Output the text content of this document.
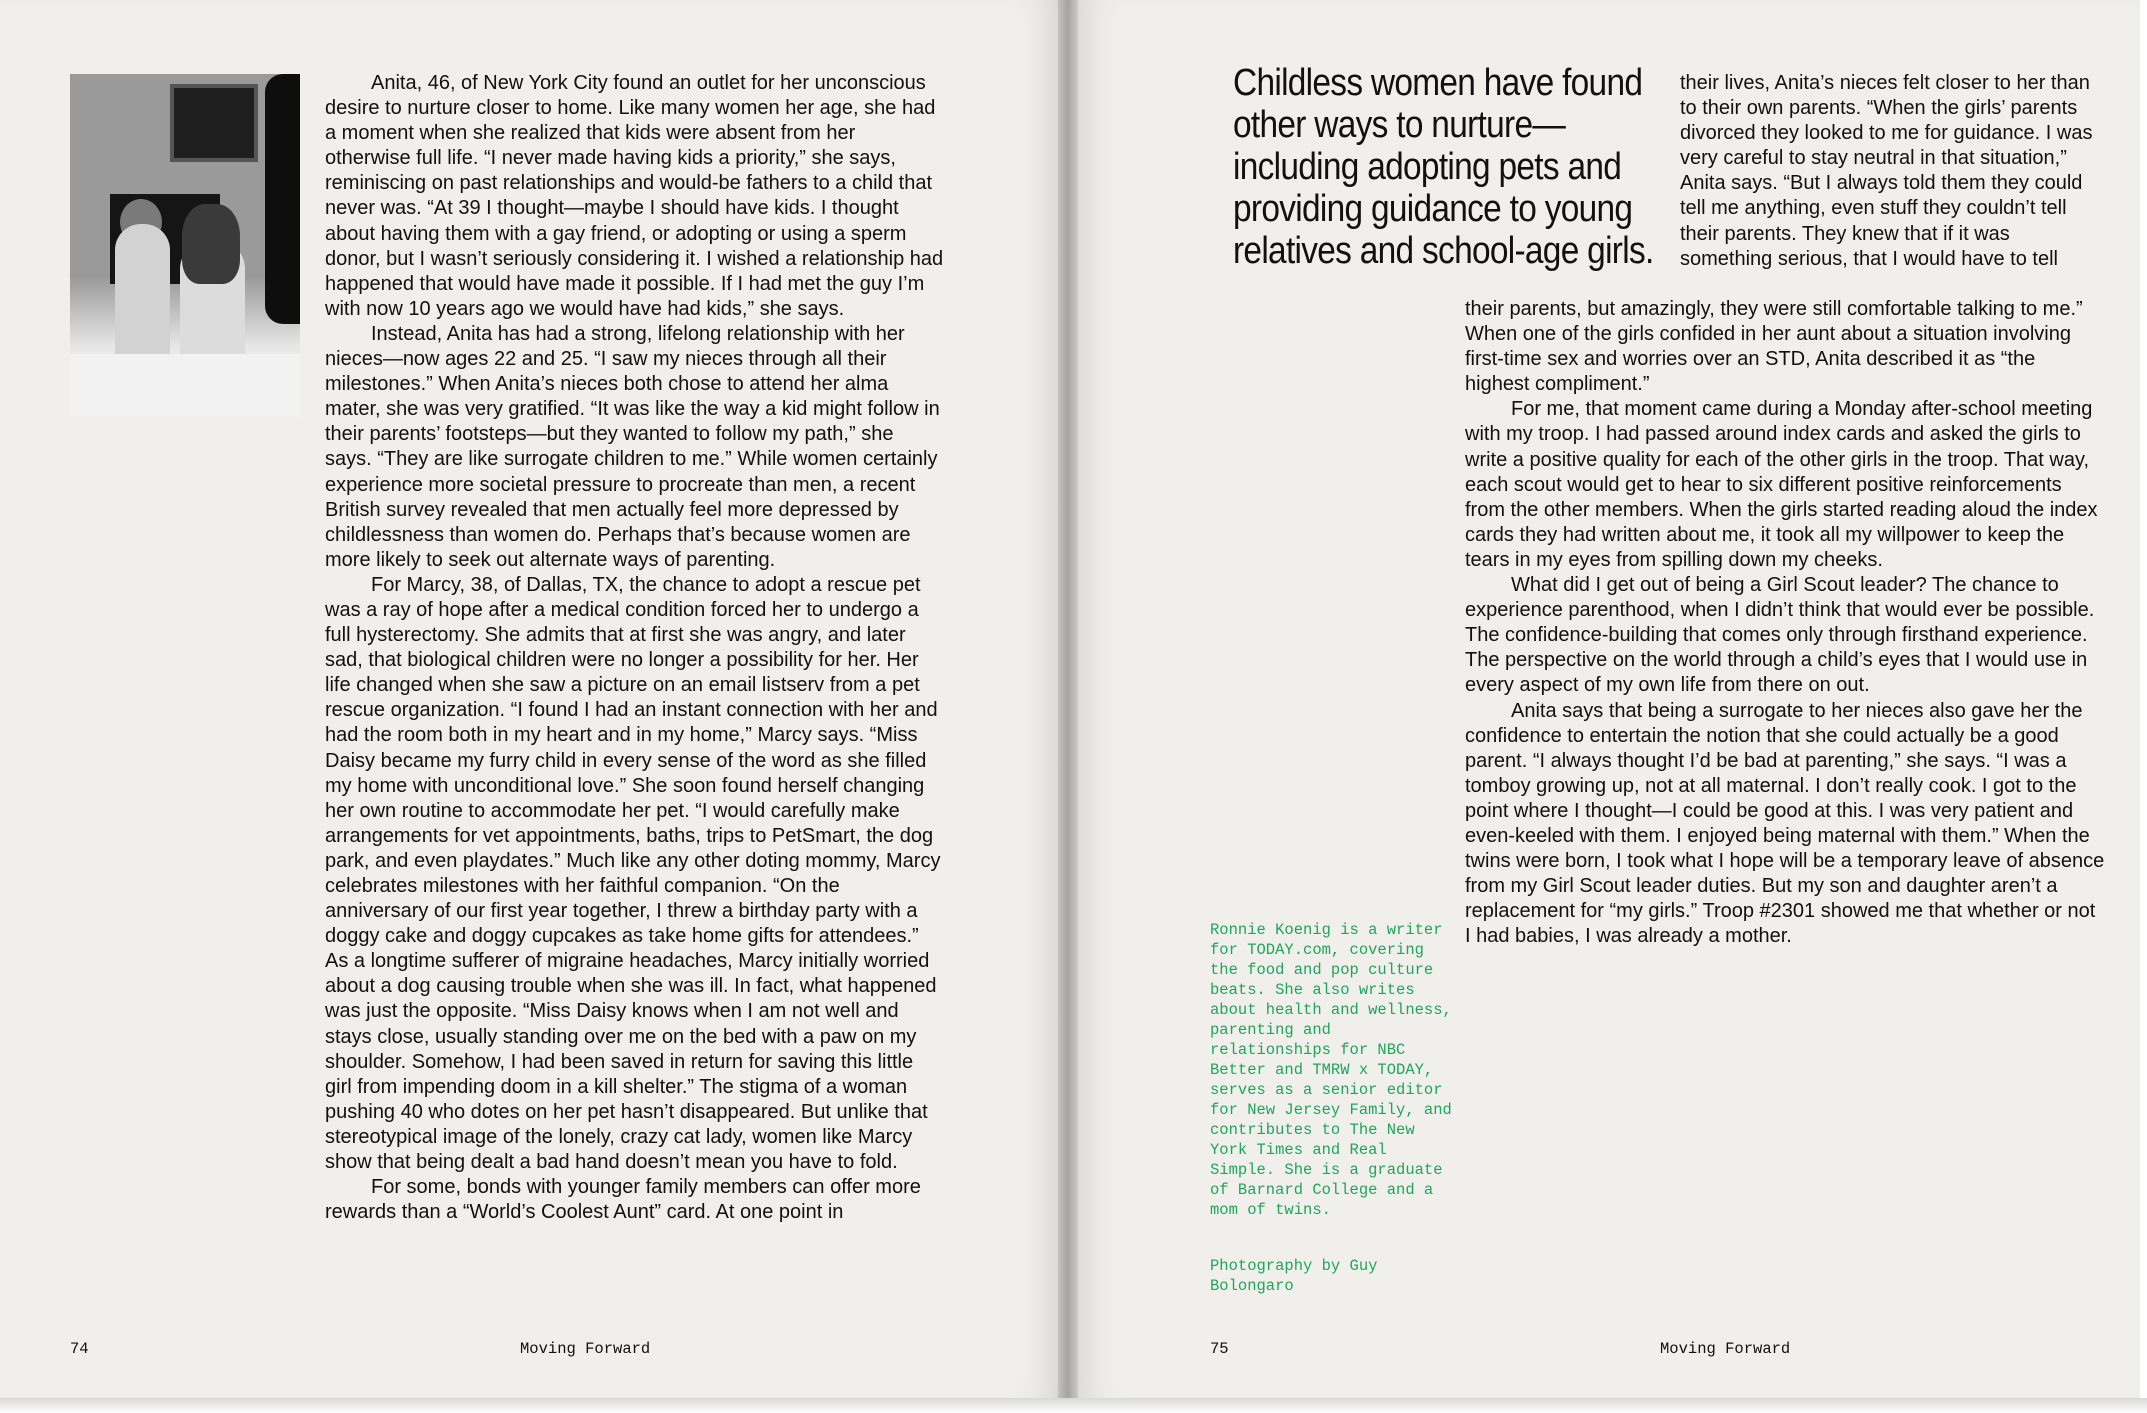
Anita, 46, of New York City found an outlet for her unconscious desire to nurture closer to home. Like many women her age, she had a moment when she realized that kids were absent from her otherwise full life. “I never made having kids a priority,” she says, reminiscing on past relationships and would-be fathers to a child that never was. “At 39 I thought—maybe I should have kids. I thought about having them with a gay friend, or adopting or using a sperm donor, but I wasn’t seriously considering it. I wished a relationship had happened that would have made it possible. If I had met the guy I’m with now 10 years ago we would have had kids,” she says.

Instead, Anita has had a strong, lifelong relationship with her nieces—now ages 22 and 25. “I saw my nieces through all their milestones.” When Anita’s nieces both chose to attend her alma mater, she was very gratified. “It was like the way a kid might follow in their parents’ footsteps—but they wanted to follow my path,” she says. “They are like surrogate children to me.” While women certainly experience more societal pressure to procreate than men, a recent British survey revealed that men actually feel more depressed by childlessness than women do. Perhaps that’s because women are more likely to seek out alternate ways of parenting.

For Marcy, 38, of Dallas, TX, the chance to adopt a rescue pet was a ray of hope after a medical condition forced her to undergo a full hysterectomy. She admits that at first she was angry, and later sad, that biological children were no longer a possibility for her. Her life changed when she saw a picture on an email listserv from a pet rescue organization. “I found I had an instant connection with her and had the room both in my heart and in my home,” Marcy says. “Miss Daisy became my furry child in every sense of the word as she filled my home with unconditional love.” She soon found herself changing her own routine to accommodate her pet. “I would carefully make arrangements for vet appointments, baths, trips to PetSmart, the dog park, and even playdates.” Much like any other doting mommy, Marcy celebrates milestones with her faithful companion. “On the anniversary of our first year together, I threw a birthday party with a doggy cake and doggy cupcakes as take home gifts for attendees.” As a longtime sufferer of migraine headaches, Marcy initially worried about a dog causing trouble when she was ill. In fact, what happened was just the opposite. “Miss Daisy knows when I am not well and stays close, usually standing over me on the bed with a paw on my shoulder. Somehow, I had been saved in return for saving this little girl from impending doom in a kill shelter.” The stigma of a woman pushing 40 who dotes on her pet hasn’t disappeared. But unlike that stereotypical image of the lonely, crazy cat lady, women like Marcy show that being dealt a bad hand doesn’t mean you have to fold.

For some, bonds with younger family members can offer more rewards than a “World’s Coolest Aunt” card. At one point in

74	Moving Forward	75	Moving Forward

Childless women have found other ways to nurture—including adopting pets and providing guidance to young relatives and school-age girls.

their lives, Anita’s nieces felt closer to her than to their own parents. “When the girls’ parents divorced they looked to me for guidance. I was very careful to stay neutral in that situation,” Anita says. “But I always told them they could tell me anything, even stuff they couldn’t tell their parents. They knew that if it was something serious, that I would have to tell

their parents, but amazingly, they were still comfortable talking to me.” When one of the girls confided in her aunt about a situation involving first-time sex and worries over an STD, Anita described it as “the highest compliment.”

For me, that moment came during a Monday after-school meeting with my troop. I had passed around index cards and asked the girls to write a positive quality for each of the other girls in the troop. That way, each scout would get to hear to six different positive reinforcements from the other members. When the girls started reading aloud the index cards they had written about me, it took all my willpower to keep the tears in my eyes from spilling down my cheeks.

What did I get out of being a Girl Scout leader? The chance to experience parenthood, when I didn’t think that would ever be possible. The confidence-building that comes only through firsthand experience. The perspective on the world through a child’s eyes that I would use in every aspect of my own life from there on out.

Anita says that being a surrogate to her nieces also gave her the confidence to entertain the notion that she could actually be a good parent. “I always thought I’d be bad at parenting,” she says. “I was a tomboy growing up, not at all maternal. I don’t really cook. I got to the point where I thought—I could be good at this. I was very patient and even-keeled with them. I enjoyed being maternal with them.” When the twins were born, I took what I hope will be a temporary leave of absence from my Girl Scout leader duties. But my son and daughter aren’t a replacement for “my girls.” Troop #2301 showed me that whether or not I had babies, I was already a mother.

Ronnie Koenig is a writer for TODAY.com, covering the food and pop culture beats. She also writes about health and wellness, parenting and relationships for NBC Better and TMRW x TODAY, serves as a senior editor for New Jersey Family, and contributes to The New York Times and Real Simple. She is a graduate of Barnard College and a mom of twins.

Photography by Guy Bolongaro
